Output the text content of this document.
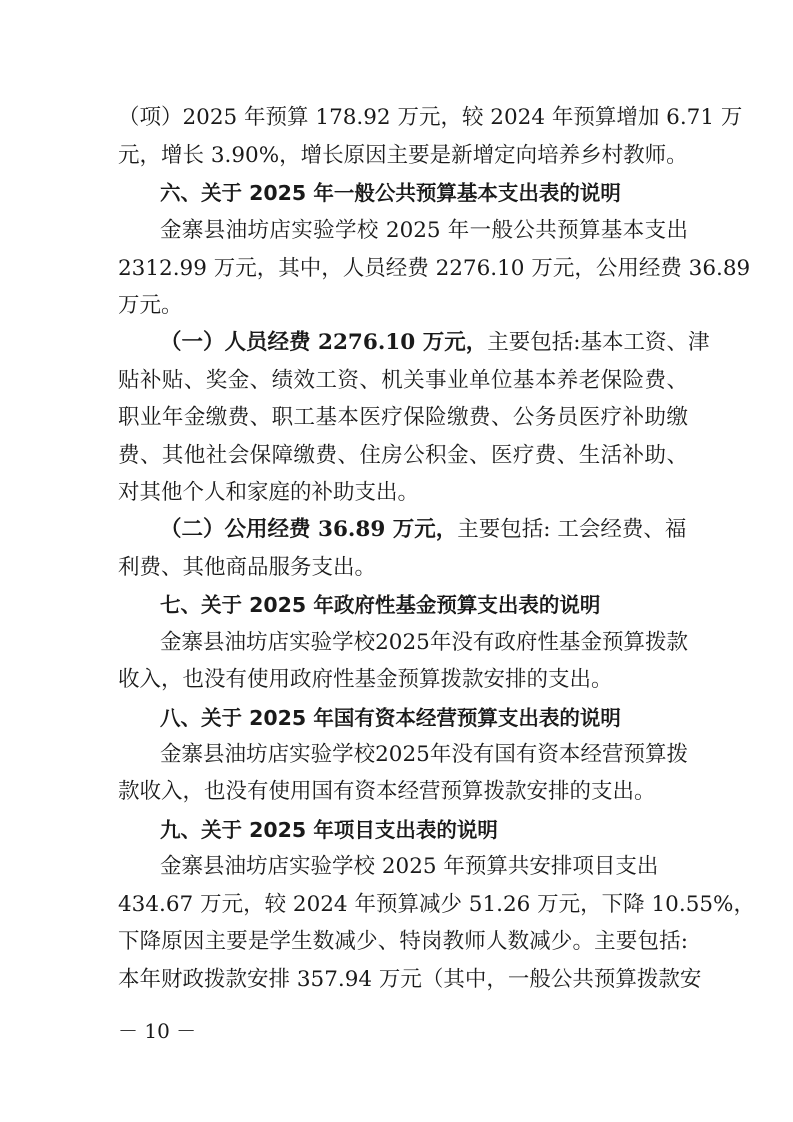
（项）2025 年预算 178.92 万元，较 2024 年预算增加 6.71 万
元，增长 3.90%，增长原因主要是新增定向培养乡村教师。
六、关于 2025 年一般公共预算基本支出表的说明
金寨县油坊店实验学校 2025 年一般公共预算基本支出
2312.99 万元，其中，人员经费 2276.10 万元，公用经费 36.89
万元。
（一）人员经费 2276.10 万元，主要包括:基本工资、津
贴补贴、奖金、绩效工资、机关事业单位基本养老保险费、
职业年金缴费、职工基本医疗保险缴费、公务员医疗补助缴
费、其他社会保障缴费、住房公积金、医疗费、生活补助、
对其他个人和家庭的补助支出。
（二）公用经费 36.89 万元，主要包括: 工会经费、福
利费、其他商品服务支出。
七、关于 2025 年政府性基金预算支出表的说明
金寨县油坊店实验学校2025年没有政府性基金预算拨款
收入，也没有使用政府性基金预算拨款安排的支出。
八、关于 2025 年国有资本经营预算支出表的说明
金寨县油坊店实验学校2025年没有国有资本经营预算拨
款收入，也没有使用国有资本经营预算拨款安排的支出。
九、关于 2025 年项目支出表的说明
金寨县油坊店实验学校 2025 年预算共安排项目支出
434.67 万元，较 2024 年预算减少 51.26 万元，下降 10.55%，
下降原因主要是学生数减少、特岗教师人数减少。主要包括:
本年财政拨款安排 357.94 万元（其中，一般公共预算拨款安
－ 10 －
